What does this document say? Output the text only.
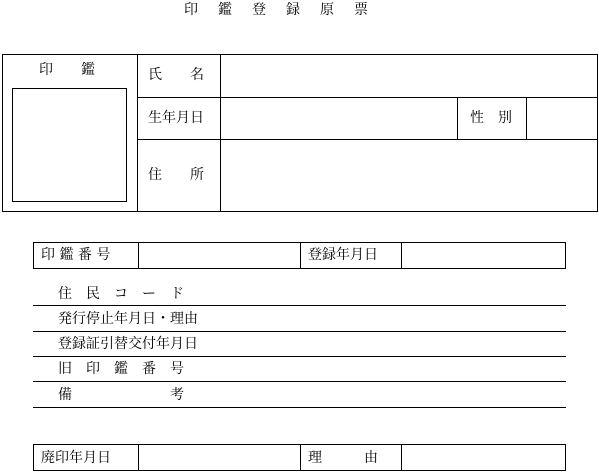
印　鑑　登　録　原　票
印　　鑑	氏　　名
生年月日	性　別
住　　所
印 鑑 番 号	登録年月日
住　民　コ　ー　ド
発行停止年月日・理由
登録証引替交付年月日
旧　印　鑑　番　号
備　　　　　　　考
廃印年月日	理　　　由
